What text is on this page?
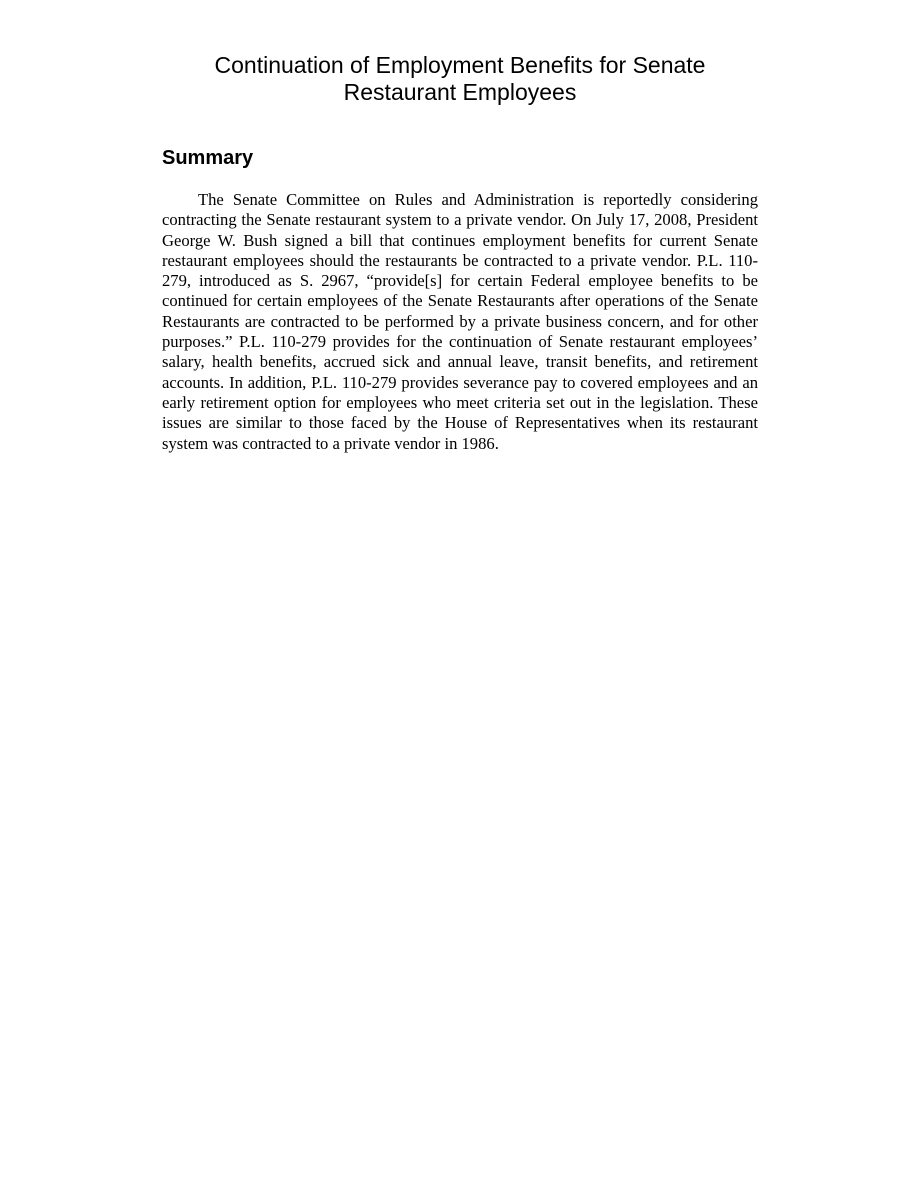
Continuation of Employment Benefits for Senate
Restaurant Employees
Summary

The Senate Committee on Rules and Administration is reportedly considering contracting the Senate restaurant system to a private vendor. On July 17, 2008, President George W. Bush signed a bill that continues employment benefits for current Senate restaurant employees should the restaurants be contracted to a private vendor. P.L. 110-279, introduced as S. 2967, “provide[s] for certain Federal employee benefits to be continued for certain employees of the Senate Restaurants after operations of the Senate Restaurants are contracted to be performed by a private business concern, and for other purposes.” P.L. 110-279 provides for the continuation of Senate restaurant employees’ salary, health benefits, accrued sick and annual leave, transit benefits, and retirement accounts. In addition, P.L. 110-279 provides severance pay to covered employees and an early retirement option for employees who meet criteria set out in the legislation. These issues are similar to those faced by the House of Representatives when its restaurant system was contracted to a private vendor in 1986.
